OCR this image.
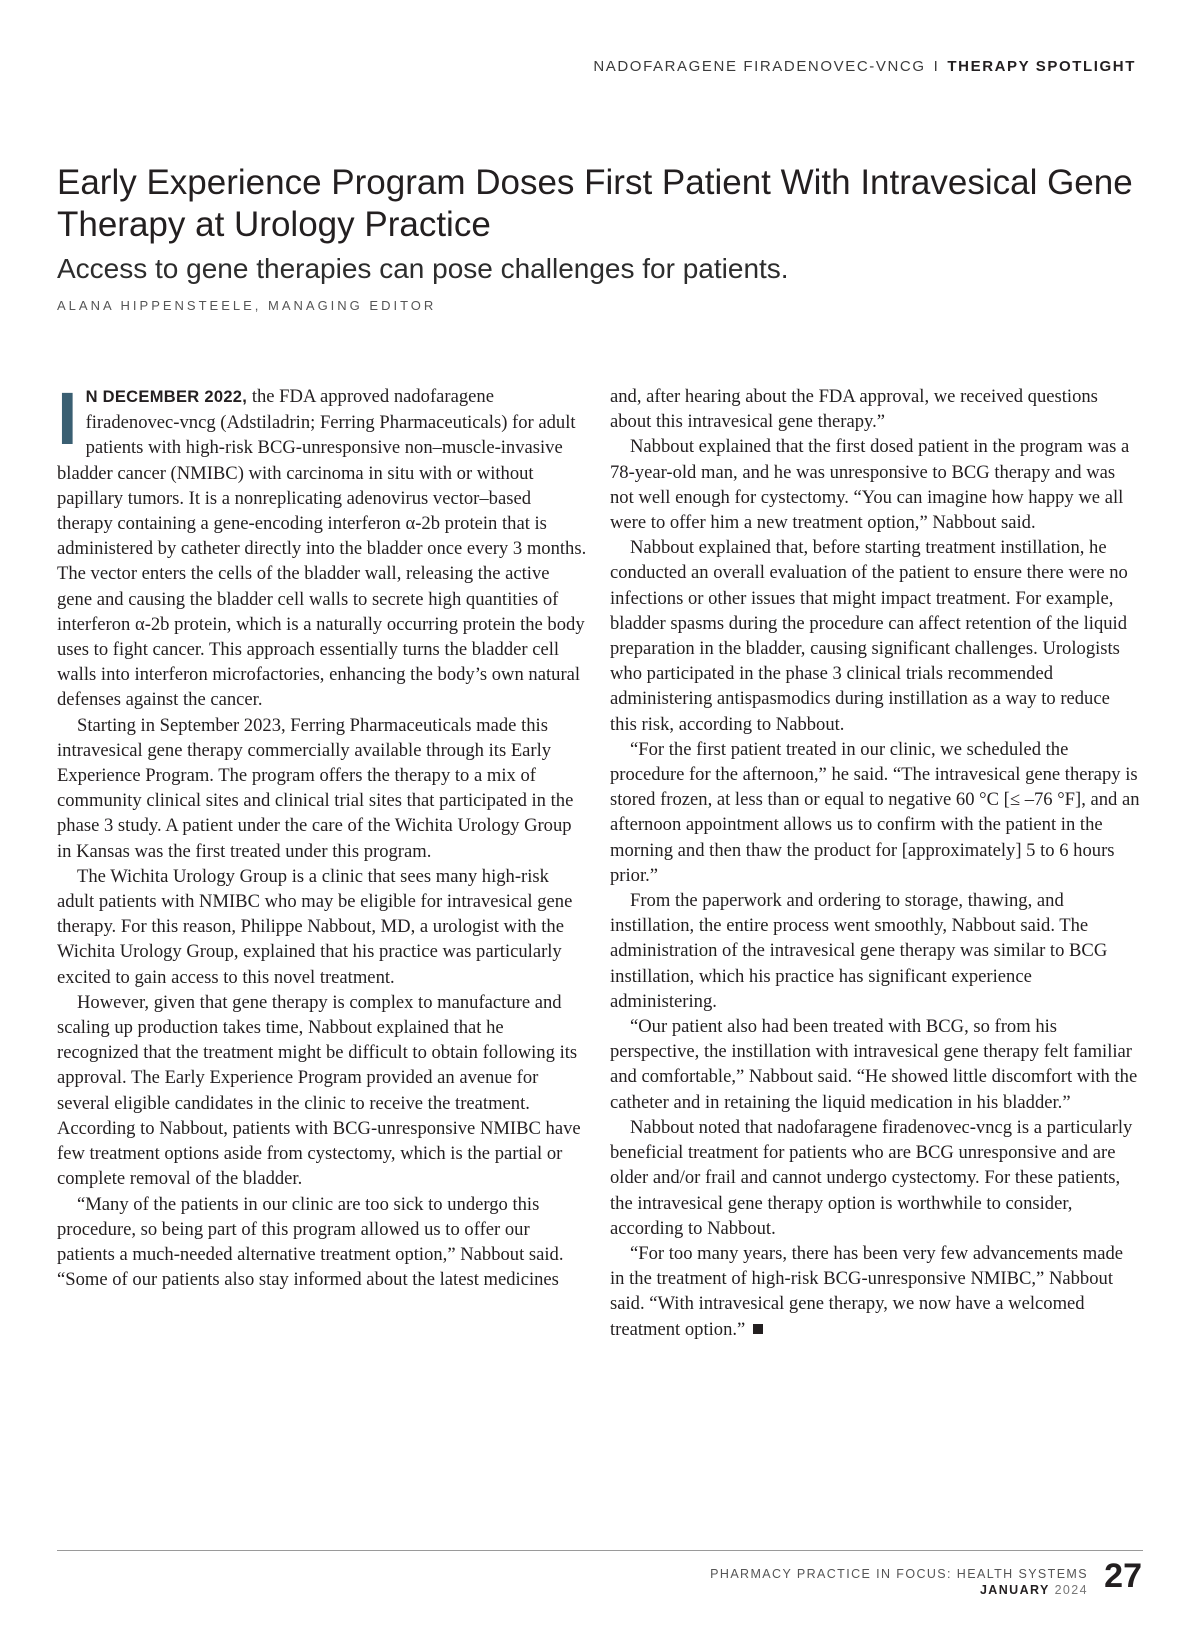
NADOFARAGENE FIRADENOVEC-VNCG I THERAPY SPOTLIGHT
Early Experience Program Doses First Patient With Intravesical Gene Therapy at Urology Practice
Access to gene therapies can pose challenges for patients.
ALANA HIPPENSTEELE, MANAGING EDITOR

I N DECEMBER 2022, the FDA approved nadofaragene firadenovec-vncg (Adstiladrin; Ferring Pharmaceuticals) for adult patients with high-risk BCG-unresponsive non–muscle-invasive bladder cancer (NMIBC) with carcinoma in situ with or without papillary tumors. It is a nonreplicating adenovirus vector–based therapy containing a gene-encoding interferon α-2b protein that is administered by catheter directly into the bladder once every 3 months. The vector enters the cells of the bladder wall, releasing the active gene and causing the bladder cell walls to secrete high quantities of interferon α-2b protein, which is a naturally occurring protein the body uses to fight cancer. This approach essentially turns the bladder cell walls into interferon microfactories, enhancing the body’s own natural defenses against the cancer.

Starting in September 2023, Ferring Pharmaceuticals made this intravesical gene therapy commercially available through its Early Experience Program. The program offers the therapy to a mix of community clinical sites and clinical trial sites that participated in the phase 3 study. A patient under the care of the Wichita Urology Group in Kansas was the first treated under this program.

The Wichita Urology Group is a clinic that sees many high-risk adult patients with NMIBC who may be eligible for intravesical gene therapy. For this reason, Philippe Nabbout, MD, a urologist with the Wichita Urology Group, explained that his practice was particularly excited to gain access to this novel treatment.

However, given that gene therapy is complex to manufacture and scaling up production takes time, Nabbout explained that he recognized that the treatment might be difficult to obtain following its approval. The Early Experience Program provided an avenue for several eligible candidates in the clinic to receive the treatment. According to Nabbout, patients with BCG-unresponsive NMIBC have few treatment options aside from cystectomy, which is the partial or complete removal of the bladder.

“Many of the patients in our clinic are too sick to undergo this procedure, so being part of this program allowed us to offer our patients a much-needed alternative treatment option,” Nabbout said. “Some of our patients also stay informed about the latest medicines

and, after hearing about the FDA approval, we received questions about this intravesical gene therapy.”

Nabbout explained that the first dosed patient in the program was a 78-year-old man, and he was unresponsive to BCG therapy and was not well enough for cystectomy. “You can imagine how happy we all were to offer him a new treatment option,” Nabbout said.

Nabbout explained that, before starting treatment instillation, he conducted an overall evaluation of the patient to ensure there were no infections or other issues that might impact treatment. For example, bladder spasms during the procedure can affect retention of the liquid preparation in the bladder, causing significant challenges. Urologists who participated in the phase 3 clinical trials recommended administering antispasmodics during instillation as a way to reduce this risk, according to Nabbout.

“For the first patient treated in our clinic, we scheduled the procedure for the afternoon,” he said. “The intravesical gene therapy is stored frozen, at less than or equal to negative 60 °C [≤ –76 °F], and an afternoon appointment allows us to confirm with the patient in the morning and then thaw the product for [approximately] 5 to 6 hours prior.”

From the paperwork and ordering to storage, thawing, and instillation, the entire process went smoothly, Nabbout said. The administration of the intravesical gene therapy was similar to BCG instillation, which his practice has significant experience administering.

“Our patient also had been treated with BCG, so from his perspective, the instillation with intravesical gene therapy felt familiar and comfortable,” Nabbout said. “He showed little discomfort with the catheter and in retaining the liquid medication in his bladder.”

Nabbout noted that nadofaragene firadenovec-vncg is a particularly beneficial treatment for patients who are BCG unresponsive and are older and/or frail and cannot undergo cystectomy. For these patients, the intravesical gene therapy option is worthwhile to consider, according to Nabbout.

“For too many years, there has been very few advancements made in the treatment of high-risk BCG-unresponsive NMIBC,” Nabbout said. “With intravesical gene therapy, we now have a welcomed treatment option.”

PHARMACY PRACTICE IN FOCUS: HEALTH SYSTEMS
JANUARY 2024 27
